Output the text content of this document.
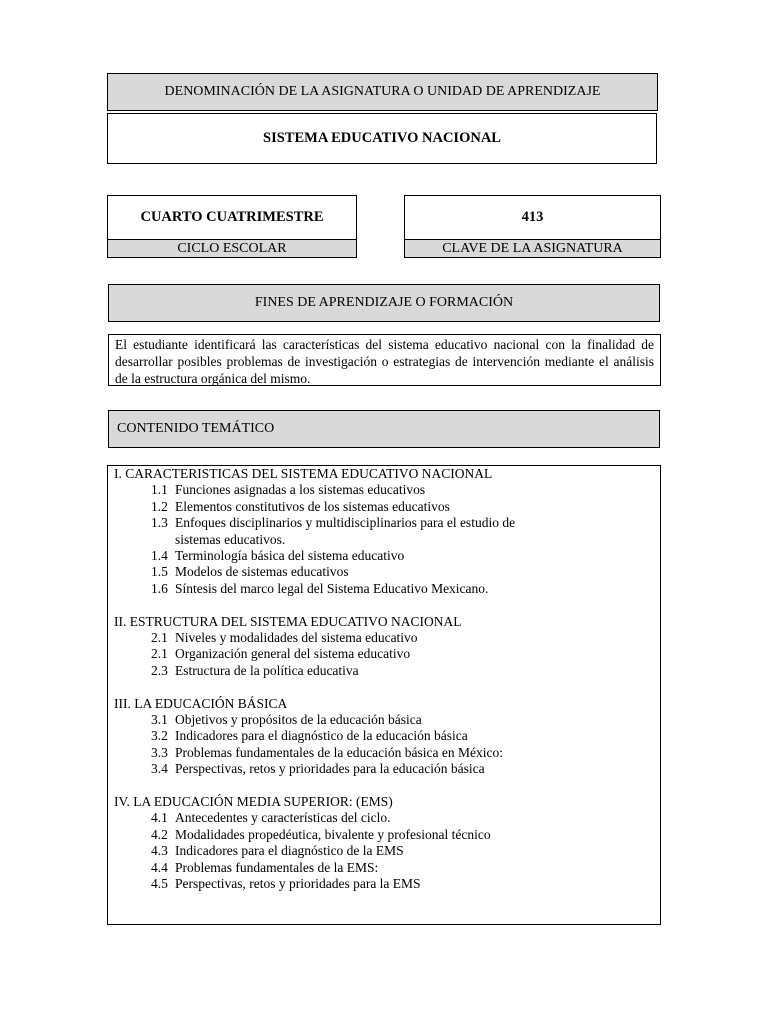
DENOMINACIÓN DE LA ASIGNATURA O UNIDAD DE APRENDIZAJE
SISTEMA EDUCATIVO NACIONAL
CUARTO CUATRIMESTRE
CICLO ESCOLAR
413
CLAVE DE LA ASIGNATURA
FINES DE APRENDIZAJE O FORMACIÓN
El estudiante identificará las características del sistema educativo nacional con la finalidad de desarrollar posibles problemas de investigación o estrategias de intervención mediante el análisis de la estructura orgánica del mismo.
CONTENIDO TEMÁTICO
I. CARACTERISTICAS DEL SISTEMA EDUCATIVO NACIONAL
1.1 Funciones asignadas a los sistemas educativos
1.2 Elementos constitutivos de los sistemas educativos
1.3 Enfoques disciplinarios y multidisciplinarios para el estudio de sistemas educativos.
1.4 Terminología básica del sistema educativo
1.5 Modelos de sistemas educativos
1.6 Síntesis del marco legal del Sistema Educativo Mexicano.
II. ESTRUCTURA DEL SISTEMA EDUCATIVO NACIONAL
2.1 Niveles y modalidades del sistema educativo
2.1 Organización general del sistema educativo
2.3 Estructura de la política educativa
III. LA EDUCACIÓN BÁSICA
3.1 Objetivos y propósitos de la educación básica
3.2 Indicadores para el diagnóstico de la educación básica
3.3 Problemas fundamentales de la educación básica en México:
3.4 Perspectivas, retos y prioridades para la educación básica
IV. LA EDUCACIÓN MEDIA SUPERIOR: (EMS)
4.1 Antecedentes y características del ciclo.
4.2 Modalidades propedéutica, bivalente y profesional técnico
4.3 Indicadores para el diagnóstico de la EMS
4.4 Problemas fundamentales de la EMS:
4.5 Perspectivas, retos y prioridades para la EMS
